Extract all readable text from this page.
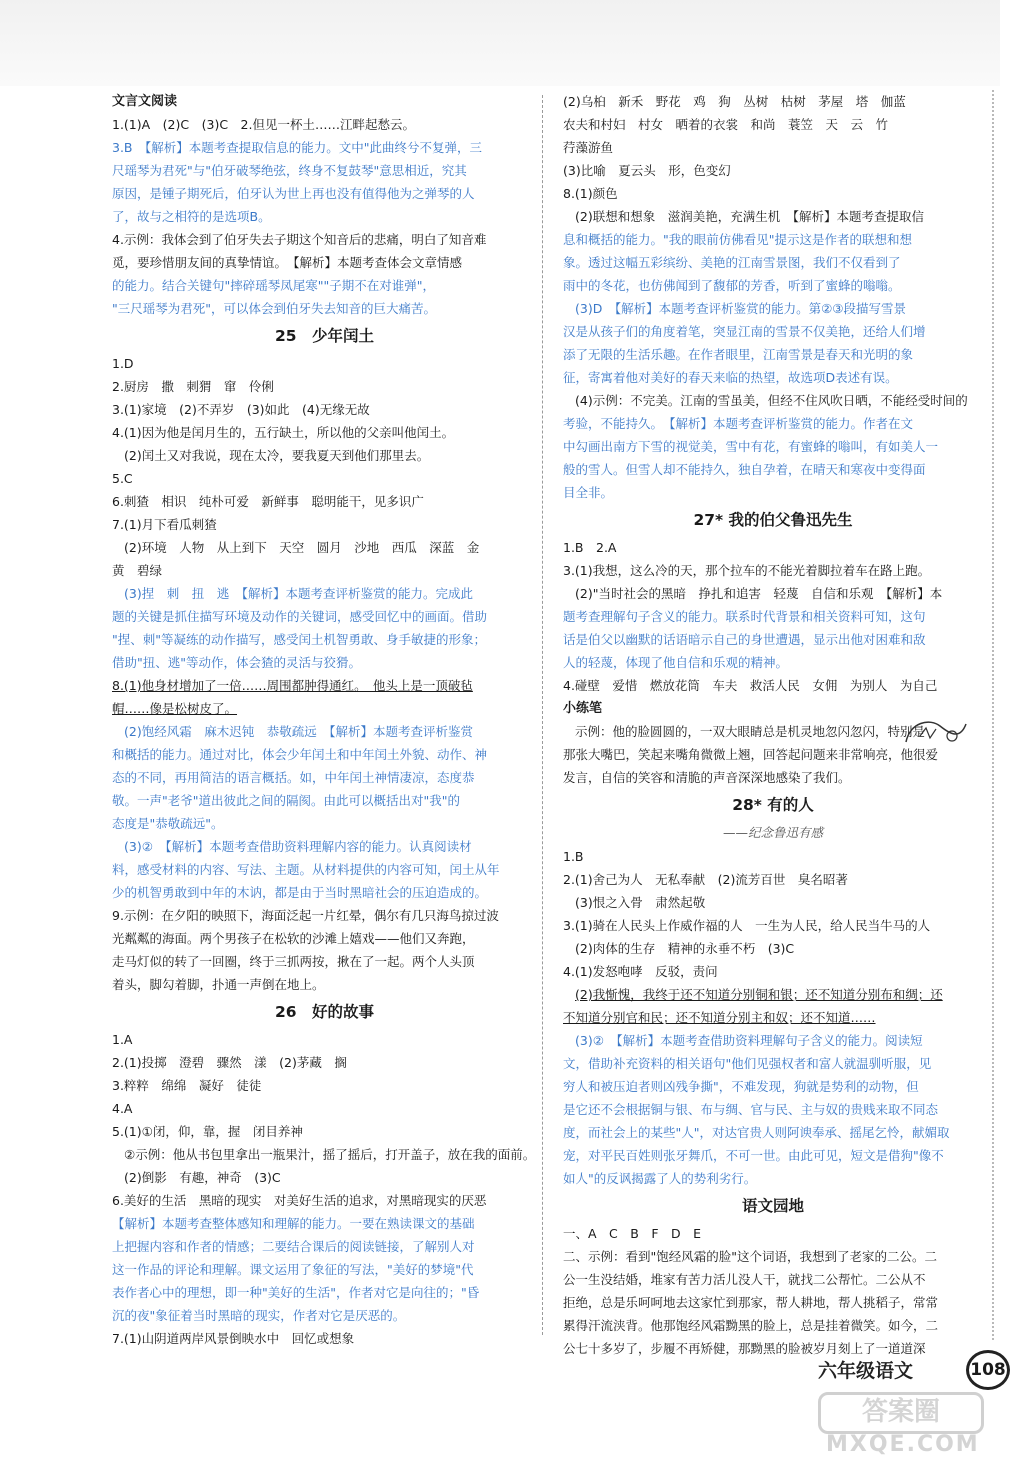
文言文阅读
1.(1)A　(2)C　(3)C　2.但见一杯土……江畔起愁云。
3.B　【解析】本题考查提取信息的能力。文中"此曲终兮不复弹，三
尺瑶琴为君死"与"伯牙破琴绝弦，终身不复鼓琴"意思相近，究其
原因，是锺子期死后，伯牙认为世上再也没有值得他为之弹琴的人
了，故与之相符的是选项B。
4.示例：我体会到了伯牙失去子期这个知音后的悲痛，明白了知音难
觅，要珍惜朋友间的真挚情谊。　【解析】本题考查体会文章情感
的能力。结合关键句"摔碎瑶琴凤尾寒""子期不在对谁弹"，
"三尺瑶琴为君死"，可以体会到伯牙失去知音的巨大痛苦。
25　少年闰土
1.D
2.厨房　撒　刺猬　窜　伶俐
3.(1)家境　(2)不弄岁　(3)如此　(4)无缘无故
4.(1)因为他是闰月生的，五行缺土，所以他的父亲叫他闰土。
(2)闰土又对我说，现在太冷，要我夏天到他们那里去。
5.C
6.刺猹　相识　纯朴可爱　新鲜事　聪明能干，见多识广
7.(1)月下看瓜刺猹
(2)环境　人物　从上到下　天空　圆月　沙地　西瓜　深蓝　金
黄　碧绿
(3)捏　刺　扭　逃　【解析】本题考查评析鉴赏的能力。完成此
题的关键是抓住描写环境及动作的关键词，感受回忆中的画面。借助
"捏、刺"等凝练的动作描写，感受闰土机智勇敢、身手敏捷的形象；
借助"扭、逃"等动作，体会猹的灵活与狡猾。
8.(1)他身材增加了一倍……周围都肿得通红。　他头上是一顶破毡
帽……像是松树皮了。
(2)饱经风霜　麻木迟钝　恭敬疏远　【解析】本题考查评析鉴赏
和概括的能力。通过对比，体会少年闰土和中年闰土外貌、动作、神
态的不同，再用简洁的语言概括。如，中年闰土神情凄凉，态度恭
敬。一声"老爷"道出彼此之间的隔阂。由此可以概括出对"我"的
态度是"恭敬疏远"。
(3)②　【解析】本题考查借助资料理解内容的能力。认真阅读材
料，感受材料的内容、写法、主题。从材料提供的内容可知，闰土从年
少的机智勇敢到中年的木讷，都是由于当时黑暗社会的压迫造成的。
9.示例：在夕阳的映照下，海面泛起一片红晕，偶尔有几只海鸟掠过波
光粼粼的海面。两个男孩子在松软的沙滩上嬉戏——他们又奔跑，
走马灯似的转了一回圈，终于三抓两按，揪在了一起。两个人头顶
着头，脚勾着脚，扑通一声倒在地上。
26　好的故事
1.A
2.(1)投掷　澄碧　骤然　漾　(2)茅藏　搁
3.粹粹　绵绵　凝好　徒徒
4.A
5.(1)①闭，仰，靠，握　闭目养神
②示例：他从书包里拿出一瓶果汁，摇了摇后，打开盖子，放在我的面前。
(2)倒影　有趣，神奇　(3)C
6.美好的生活　黑暗的现实　对美好生活的追求，对黑暗现实的厌恶
【解析】本题考查整体感知和理解的能力。一要在熟读课文的基础
上把握内容和作者的情感；二要结合课后的阅读链接，了解别人对
这一作品的评论和理解。课文运用了象征的写法，"美好的梦境"代
表作者心中的理想，即一种"美好的生活"，作者对它是向往的；"昏
沉的夜"象征着当时黑暗的现实，作者对它是厌恶的。
7.(1)山阴道两岸风景倒映水中　回忆或想象
(2)乌桕　新禾　野花　鸡　狗　丛树　枯树　茅屋　塔　伽蓝
农夫和村妇　村女　晒着的衣裳　和尚　蓑笠　天　云　竹
荇藻游鱼
(3)比喻　夏云头　形，色变幻
8.(1)颜色
(2)联想和想象　滋润美艳，充满生机　【解析】本题考查提取信
息和概括的能力。"我的眼前仿佛看见"提示这是作者的联想和想
象。透过这幅五彩缤纷、美艳的江南雪景图，我们不仅看到了
雨中的冬花，也仿佛闻到了馥郁的芳香，听到了蜜蜂的嗡嗡。
(3)D　【解析】本题考查评析鉴赏的能力。第②③段描写雪景
汉是从孩子们的角度着笔，突显江南的雪景不仅美艳，还给人们增
添了无限的生活乐趣。在作者眼里，江南雪景是春天和光明的象
征，寄寓着他对美好的春天来临的热望，故选项D表述有误。
(4)示例：不完美。江南的雪虽美，但经不住风吹日晒，不能经受时间的
考验，不能持久。　【解析】本题考查评析鉴赏的能力。作者在文
中勾画出南方下雪的视觉美，雪中有花，有蜜蜂的嗡叫，有如美人一
般的雪人。但雪人却不能持久，独自孕着，在晴天和寒夜中变得面
目全非。
27* 我的伯父鲁迅先生
1.B　2.A
3.(1)我想，这么冷的天，那个拉车的不能光着脚拉着车在路上跑。
(2)"当时社会的黑暗　挣扎和追害　轻蔑　自信和乐观　【解析】本
题考查理解句子含义的能力。联系时代背景和相关资料可知，这句
话是伯父以幽默的话语暗示自己的身世遭遇，显示出他对困难和敌
人的轻蔑，体现了他自信和乐观的精神。
4.碰壁　爱惜　燃放花筒　车夫　救活人民　女佣　为别人　为自己
小练笔
示例：他的脸圆圆的，一双大眼睛总是机灵地忽闪忽闪，特别是
那张大嘴巴，笑起来嘴角微微上翘，回答起问题来非常响亮，他很爱
发言，自信的笑容和清脆的声音深深地感染了我们。
28* 有的人
——纪念鲁迅有感
1.B
2.(1)舍己为人　无私奉献　(2)流芳百世　臭名昭著
(3)恨之入骨　肃然起敬
3.(1)骑在人民头上作威作福的人　一生为人民，给人民当牛马的人
(2)肉体的生存　精神的永垂不朽　(3)C
4.(1)发怒咆哮　反驳，责问
(2)我惭愧，我终于还不知道分别铜和银；还不知道分别布和绸；还
不知道分别官和民；还不知道分别主和奴；还不知道……
(3)②　【解析】本题考查借助资料理解句子含义的能力。阅读短
文，借助补充资料的相关语句"他们见强权者和富人就温驯听服，见
穷人和被压迫者则凶残争撕"，不难发现，狗就是势利的动物，但
是它还不会根据铜与银、布与绸、官与民、主与奴的贵贱来取不同态
度，而社会上的某些"人"，对达官贵人则阿谀奉承、摇尾乞怜，献媚取
宠，对平民百姓则张牙舞爪，不可一世。由此可见，短文是借狗"像不
如人"的反讽揭露了人的势利劣行。
语文园地
一、A　C　B　F　D　E
二、示例：看到"饱经风霜的脸"这个词语，我想到了老家的二公。二
公一生没结婚，堆家有苦力活儿没人干，就找二公帮忙。二公从不
拒绝，总是乐呵呵地去这家忙到那家，帮人耕地，帮人挑稻子，常常
累得汗流浃背。他那饱经风霜黝黑的脸上，总是挂着微笑。如今，二
公七十多岁了，步履不再矫健，那黝黑的脸被岁月刻上了一道道深
六年级语文	108
答案圈
MXQE.COM
